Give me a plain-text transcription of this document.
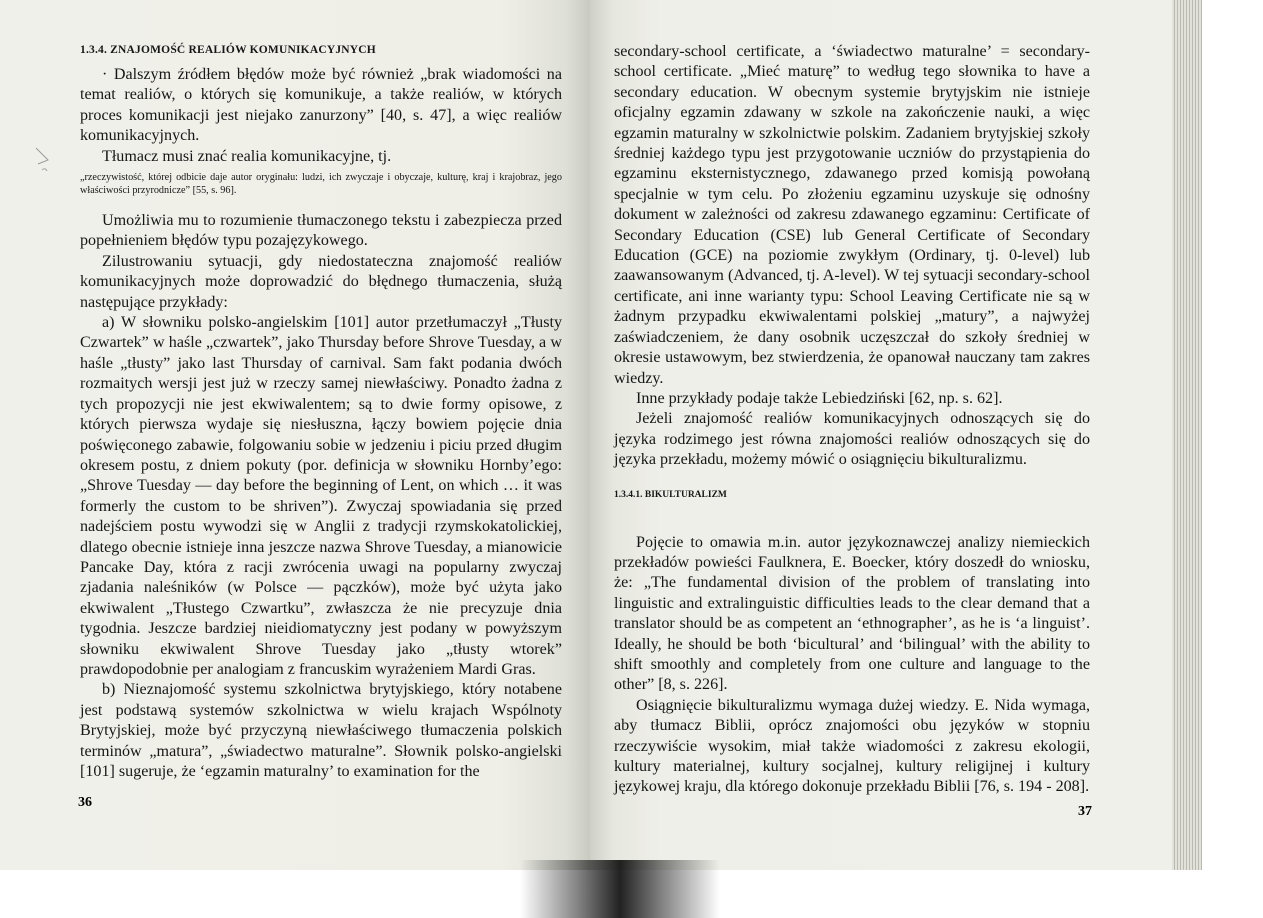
1.3.4. ZNAJOMOŚĆ REALIÓW KOMUNIKACYJNYCH

· Dalszym źródłem błędów może być również „brak wiadomości na temat realiów, o których się komunikuje, a także realiów, w których proces komunikacji jest niejako zanurzony” [40, s. 47], a więc realiów komunikacyjnych.

Tłumacz musi znać realia komunikacyjne, tj.

„rzeczywistość, której odbicie daje autor oryginału: ludzi, ich zwyczaje i obyczaje, kulturę, kraj i krajobraz, jego właściwości przyrodnicze” [55, s. 96].

Umożliwia mu to rozumienie tłumaczonego tekstu i zabezpiecza przed popełnieniem błędów typu pozajęzykowego.

Zilustrowaniu sytuacji, gdy niedostateczna znajomość realiów komunikacyjnych może doprowadzić do błędnego tłumaczenia, służą następujące przykłady:

a) W słowniku polsko-angielskim [101] autor przetłumaczył „Tłusty Czwartek” w haśle „czwartek”, jako Thursday before Shrove Tuesday, a w haśle „tłusty” jako last Thursday of carnival. Sam fakt podania dwóch rozmaitych wersji jest już w rzeczy samej niewłaściwy. Ponadto żadna z tych propozycji nie jest ekwiwalentem; są to dwie formy opisowe, z których pierwsza wydaje się niesłuszna, łączy bowiem pojęcie dnia poświęconego zabawie, folgowaniu sobie w jedzeniu i piciu przed długim okresem postu, z dniem pokuty (por. definicja w słowniku Hornby’ego: „Shrove Tuesday — day before the beginning of Lent, on which … it was formerly the custom to be shriven”). Zwyczaj spowiadania się przed nadejściem postu wywodzi się w Anglii z tradycji rzymskokatolickiej, dlatego obecnie istnieje inna jeszcze nazwa Shrove Tuesday, a mianowicie Pancake Day, która z racji zwrócenia uwagi na popularny zwyczaj zjadania naleśników (w Polsce — pączków), może być użyta jako ekwiwalent „Tłustego Czwartku”, zwłaszcza że nie precyzuje dnia tygodnia. Jeszcze bardziej nieidiomatyczny jest podany w powyższym słowniku ekwiwalent Shrove Tuesday jako „tłusty wtorek” prawdopodobnie per analogiam z francuskim wyrażeniem Mardi Gras.

b) Nieznajomość systemu szkolnictwa brytyjskiego, który notabene jest podstawą systemów szkolnictwa w wielu krajach Wspólnoty Brytyjskiej, może być przyczyną niewłaściwego tłumaczenia polskich terminów „matura”, „świadectwo maturalne”. Słownik polsko-angielski [101] sugeruje, że ‘egzamin maturalny’ to examination for the

36

secondary-school certificate, a ‘świadectwo maturalne’ = secondary-school certificate. „Mieć maturę” to według tego słownika to have a secondary education. W obecnym systemie brytyjskim nie istnieje oficjalny egzamin zdawany w szkole na zakończenie nauki, a więc egzamin maturalny w szkolnictwie polskim. Zadaniem brytyjskiej szkoły średniej każdego typu jest przygotowanie uczniów do przystąpienia do egzaminu eksternistycznego, zdawanego przed komisją powołaną specjalnie w tym celu. Po złożeniu egzaminu uzyskuje się odnośny dokument w zależności od zakresu zdawanego egzaminu: Certificate of Secondary Education (CSE) lub General Certificate of Secondary Education (GCE) na poziomie zwykłym (Ordinary, tj. 0-level) lub zaawansowanym (Advanced, tj. A-level). W tej sytuacji secondary-school certificate, ani inne warianty typu: School Leaving Certificate nie są w żadnym przypadku ekwiwalentami polskiej „matury”, a najwyżej zaświadczeniem, że dany osobnik uczęszczał do szkoły średniej w okresie ustawowym, bez stwierdzenia, że opanował nauczany tam zakres wiedzy.

Inne przykłady podaje także Lebiedziński [62, np. s. 62].

Jeżeli znajomość realiów komunikacyjnych odnoszących się do języka rodzimego jest równa znajomości realiów odnoszących się do języka przekładu, możemy mówić o osiągnięciu bikulturalizmu.

1.3.4.1. BIKULTURALIZM

Pojęcie to omawia m.in. autor językoznawczej analizy niemieckich przekładów powieści Faulknera, E. Boecker, który doszedł do wniosku, że: „The fundamental division of the problem of translating into linguistic and extralinguistic difficulties leads to the clear demand that a translator should be as competent an ‘ethnographer’, as he is ‘a linguist’. Ideally, he should be both ‘bicultural’ and ‘bilingual’ with the ability to shift smoothly and completely from one culture and language to the other” [8, s. 226].

Osiągnięcie bikulturalizmu wymaga dużej wiedzy. E. Nida wymaga, aby tłumacz Biblii, oprócz znajomości obu języków w stopniu rzeczywiście wysokim, miał także wiadomości z zakresu ekologii, kultury materialnej, kultury socjalnej, kultury religijnej i kultury językowej kraju, dla którego dokonuje przekładu Biblii [76, s. 194 - 208].

37
